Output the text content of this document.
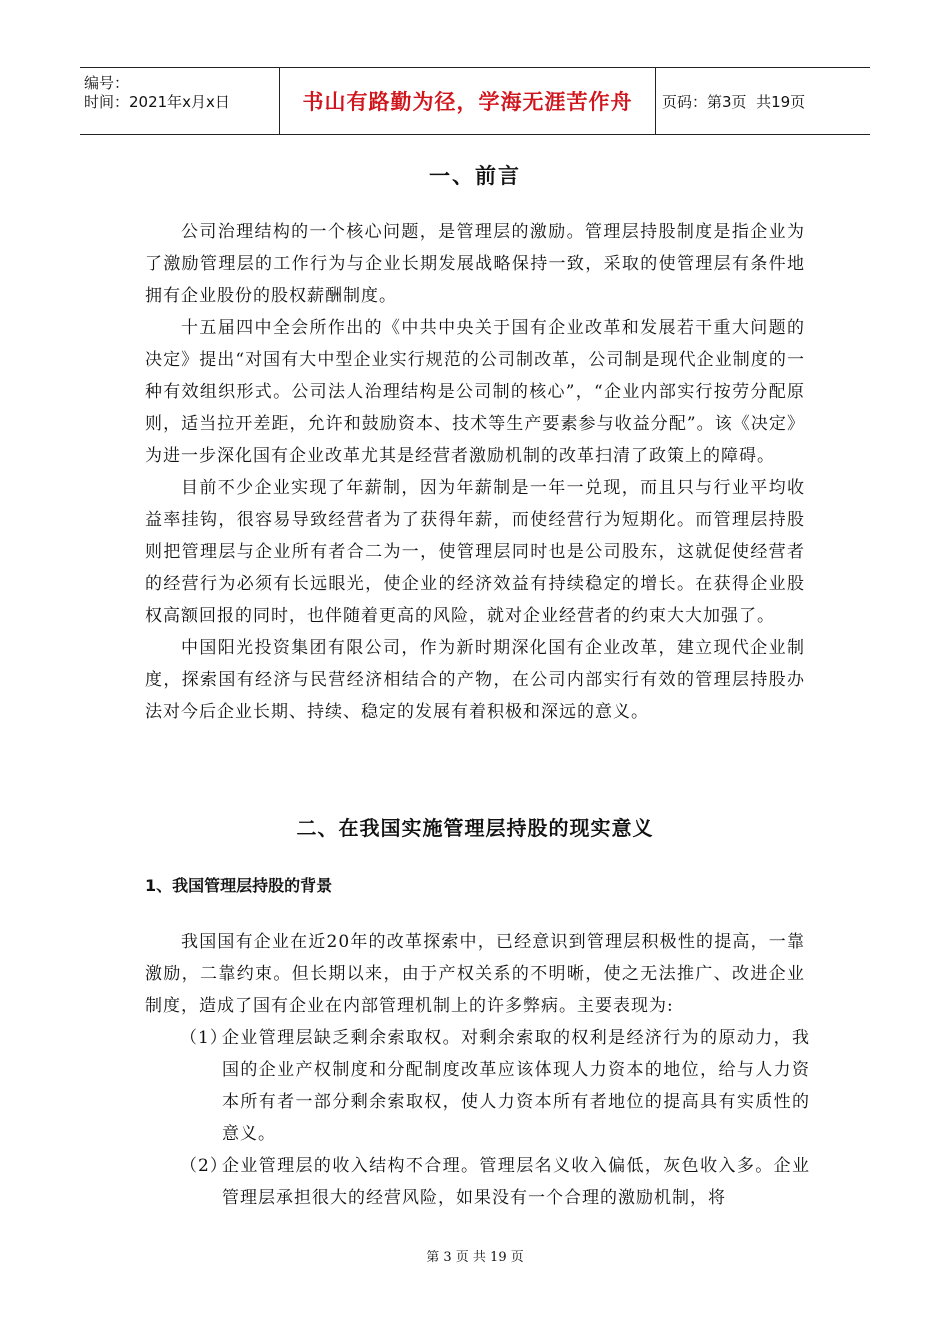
编号：
时间：2021年x月x日	书山有路勤为径，学海无涯苦作舟 页码：第3页  共19页
一、前言

公司治理结构的一个核心问题，是管理层的激励。管理层持股制度是指企业为了激励管理层的工作行为与企业长期发展战略保持一致，采取的使管理层有条件地拥有企业股份的股权薪酬制度。

十五届四中全会所作出的《中共中央关于国有企业改革和发展若干重大问题的决定》提出“对国有大中型企业实行规范的公司制改革，公司制是现代企业制度的一种有效组织形式。公司法人治理结构是公司制的核心”，“企业内部实行按劳分配原则，适当拉开差距，允许和鼓励资本、技术等生产要素参与收益分配”。该《决定》为进一步深化国有企业改革尤其是经营者激励机制的改革扫清了政策上的障碍。

目前不少企业实现了年薪制，因为年薪制是一年一兑现，而且只与行业平均收益率挂钩，很容易导致经营者为了获得年薪，而使经营行为短期化。而管理层持股则把管理层与企业所有者合二为一，使管理层同时也是公司股东，这就促使经营者的经营行为必须有长远眼光，使企业的经济效益有持续稳定的增长。在获得企业股权高额回报的同时，也伴随着更高的风险，就对企业经营者的约束大大加强了。

中国阳光投资集团有限公司，作为新时期深化国有企业改革，建立现代企业制度，探索国有经济与民营经济相结合的产物，在公司内部实行有效的管理层持股办法对今后企业长期、持续、稳定的发展有着积极和深远的意义。

二、在我国实施管理层持股的现实意义
1、我国管理层持股的背景

我国国有企业在近20年的改革探索中，已经意识到管理层积极性的提高，一靠激励，二靠约束。但长期以来，由于产权关系的不明晰，使之无法推广、改进企业制度，造成了国有企业在内部管理机制上的许多弊病。主要表现为:

（1）
企业管理层缺乏剩余索取权。对剩余索取的权利是经济行为的原动力，我国的企业产权制度和分配制度改革应该体现人力资本的地位，给与人力资本所有者一部分剩余索取权，使人力资本所有者地位的提高具有实质性的意义。
（2）
企业管理层的收入结构不合理。管理层名义收入偏低，灰色收入多。企业管理层承担很大的经营风险，如果没有一个合理的激励机制，将
第 3 页 共 19 页
